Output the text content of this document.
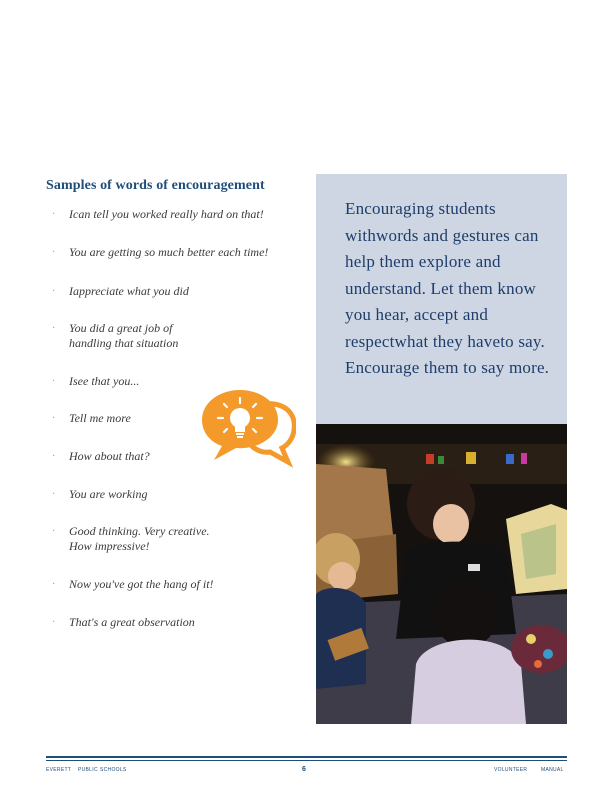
Samples of words of encouragement
· Ican tell you worked really hard on that!
· You are getting so much better each time!
· Iappreciate what you did
· You did a great job of
handling that situation
· Isee that you...
· Tell me more
· How about that?
· You are working
· Good thinking. Very creative.
How impressive!
· Now you've got the hang of it!
· That's a great observation
Encouraging students withwords and gestures can help them explore and understand. Let them know you hear, accept and respectwhat they haveto say. Encourage them to say more.
EVERETT PUBLIC SCHOOLS	6	VOLUNTEER	MANUAL
